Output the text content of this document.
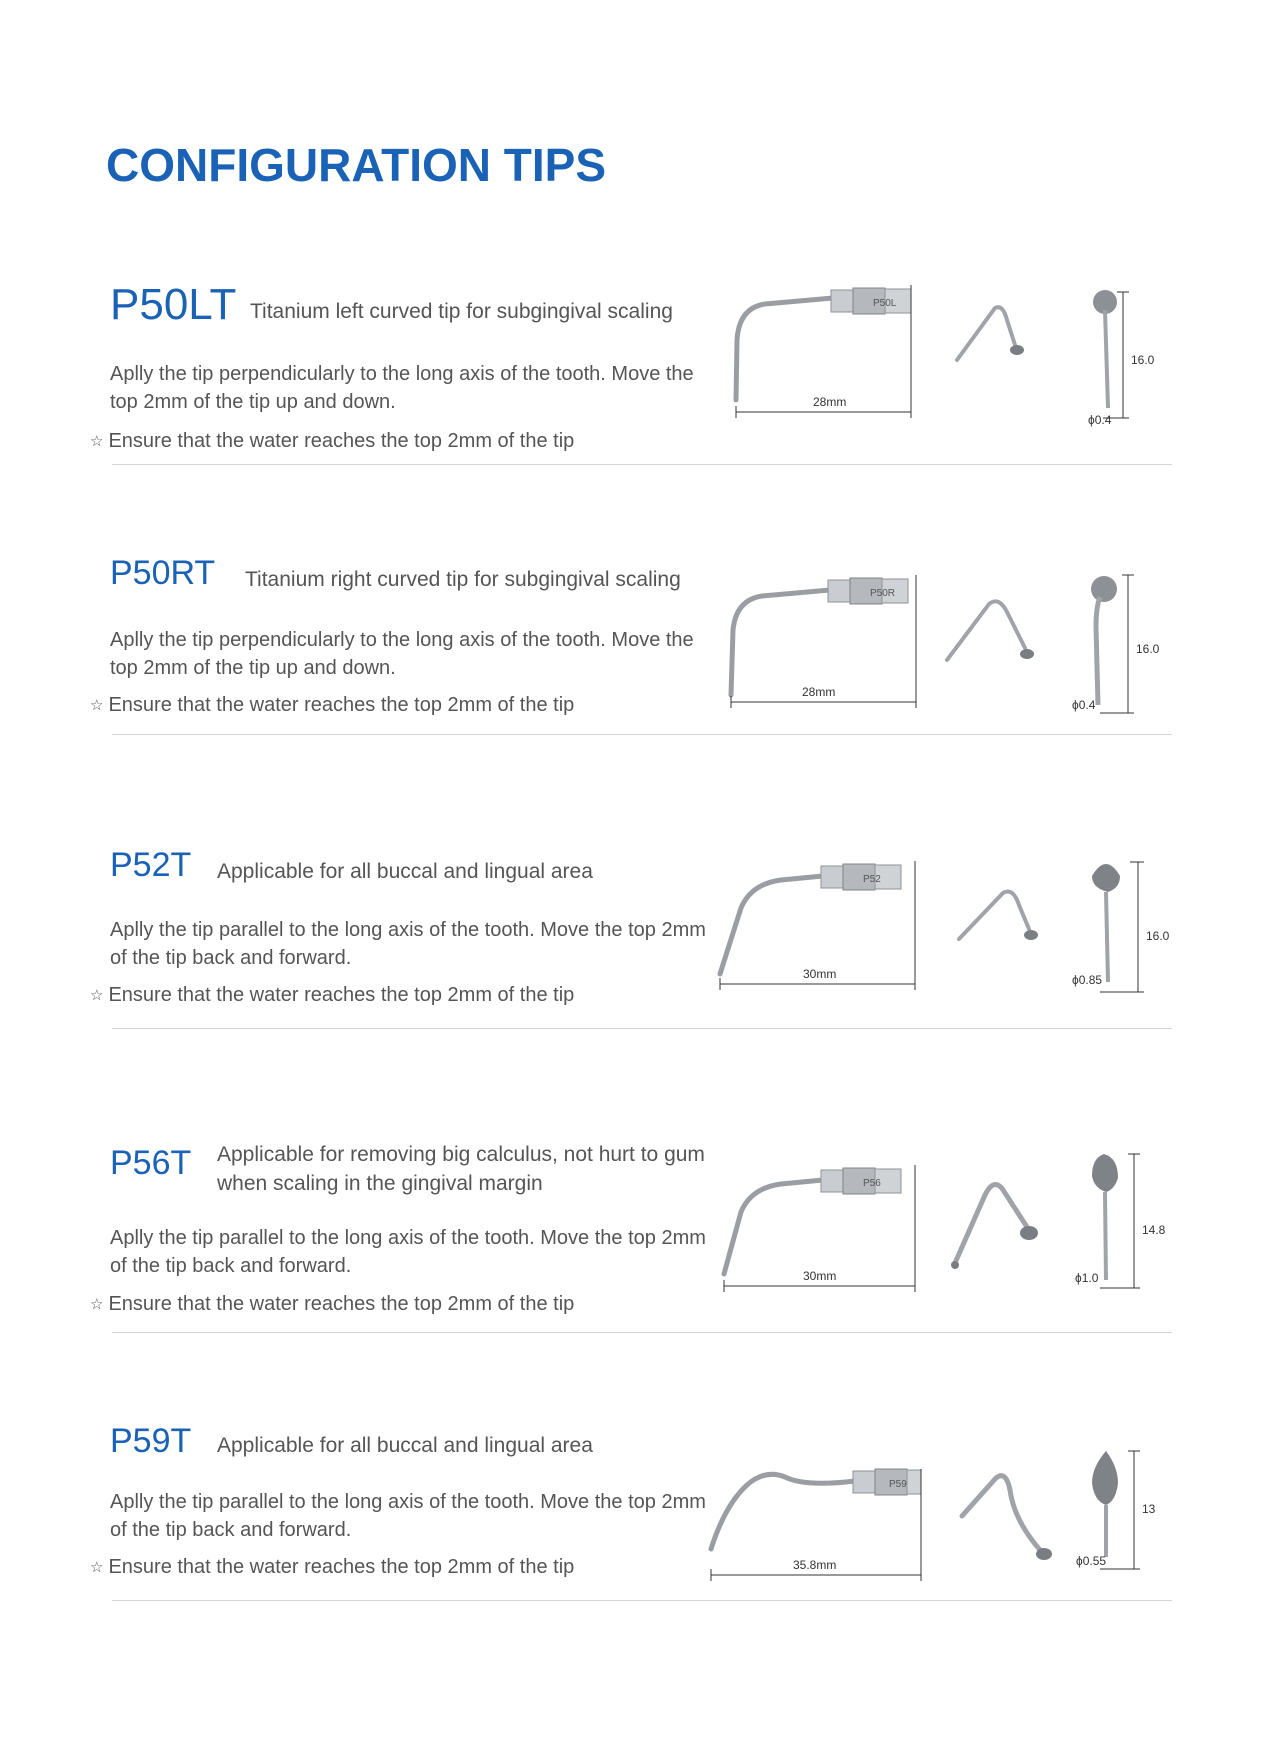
CONFIGURATION TIPS
P50LT Titanium left curved tip for subgingival scaling

Aplly the tip perpendicularly to the long axis of the tooth. Move the top 2mm of the tip up and down.

☆ Ensure that the water reaches the top 2mm of the tip
P50L
28mm
16.0
ϕ0.4
P50RT Titanium right curved tip for subgingival scaling

Aplly the tip perpendicularly to the long axis of the tooth. Move the top 2mm of the tip up and down.

☆ Ensure that the water reaches the top 2mm of the tip
P50R
28mm
16.0
ϕ0.4
P52T Applicable for all buccal and lingual area

Aplly the tip parallel to the long axis of the tooth. Move the top 2mm of the tip back and forward.

☆ Ensure that the water reaches the top 2mm of the tip
P52
30mm
16.0
ϕ0.85
P56T Applicable for removing big calculus, not hurt to gum when scaling in the gingival margin

Aplly the tip parallel to the long axis of the tooth. Move the top 2mm of the tip back and forward.

☆ Ensure that the water reaches the top 2mm of the tip
P56
30mm
14.8
ϕ1.0
P59T Applicable for all buccal and lingual area

Aplly the tip parallel to the long axis of the tooth. Move the top 2mm of the tip back and forward.

☆ Ensure that the water reaches the top 2mm of the tip
P59
35.8mm
13
ϕ0.55
